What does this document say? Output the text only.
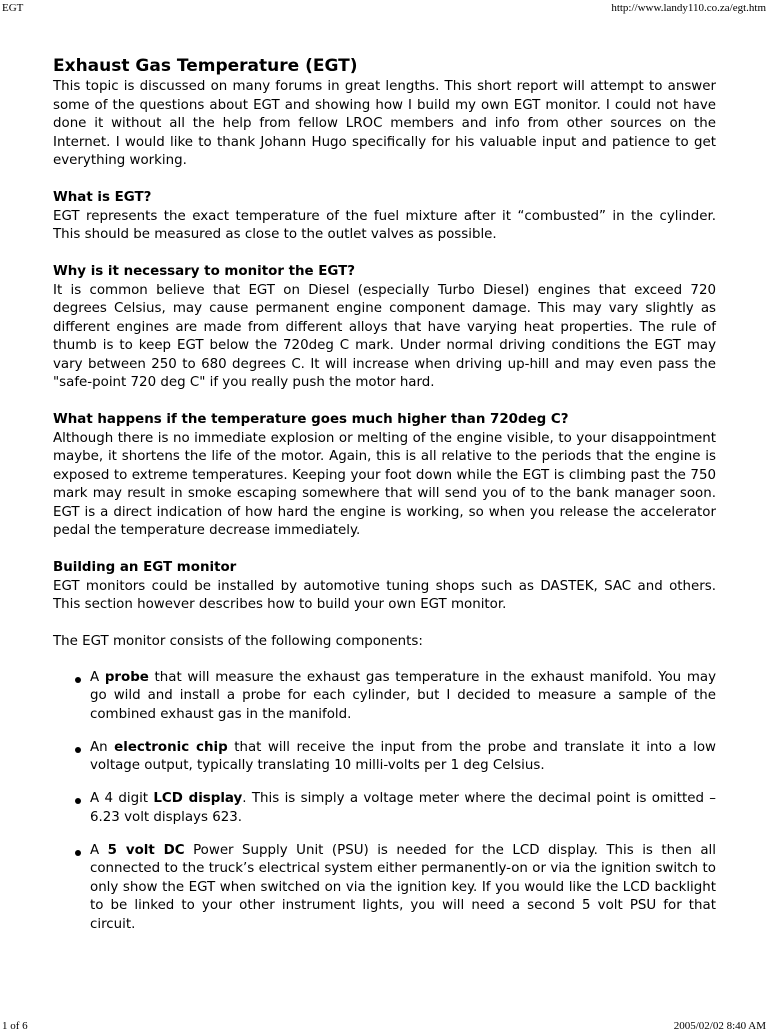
EGT	http://www.landy110.co.za/egt.htm
Exhaust Gas Temperature (EGT)

This topic is discussed on many forums in great lengths. This short report will attempt to answer some of the questions about EGT and showing how I build my own EGT monitor. I could not have done it without all the help from fellow LROC members and info from other sources on the Internet. I would like to thank Johann Hugo specifically for his valuable input and patience to get everything working.

What is EGT?

EGT represents the exact temperature of the fuel mixture after it “combusted” in the cylinder. This should be measured as close to the outlet valves as possible.

Why is it necessary to monitor the EGT?

It is common believe that EGT on Diesel (especially Turbo Diesel) engines that exceed 720 degrees Celsius, may cause permanent engine component damage. This may vary slightly as different engines are made from different alloys that have varying heat properties. The rule of thumb is to keep EGT below the 720deg C mark. Under normal driving conditions the EGT may vary between 250 to 680 degrees C. It will increase when driving up-hill and may even pass the "safe-point 720 deg C" if you really push the motor hard.

What happens if the temperature goes much higher than 720deg C?

Although there is no immediate explosion or melting of the engine visible, to your disappointment maybe, it shortens the life of the motor. Again, this is all relative to the periods that the engine is exposed to extreme temperatures. Keeping your foot down while the EGT is climbing past the 750 mark may result in smoke escaping somewhere that will send you of to the bank manager soon. EGT is a direct indication of how hard the engine is working, so when you release the accelerator pedal the temperature decrease immediately.

Building an EGT monitor

EGT monitors could be installed by automotive tuning shops such as DASTEK, SAC and others. This section however describes how to build your own EGT monitor.

The EGT monitor consists of the following components:

A probe that will measure the exhaust gas temperature in the exhaust manifold. You may go wild and install a probe for each cylinder, but I decided to measure a sample of the combined exhaust gas in the manifold.
An electronic chip that will receive the input from the probe and translate it into a low voltage output, typically translating 10 milli-volts per 1 deg Celsius.
A 4 digit LCD display. This is simply a voltage meter where the decimal point is omitted – 6.23 volt displays 623.
A 5 volt DC Power Supply Unit (PSU) is needed for the LCD display. This is then all connected to the truck’s electrical system either permanently-on or via the ignition switch to only show the EGT when switched on via the ignition key. If you would like the LCD backlight to be linked to your other instrument lights, you will need a second 5 volt PSU for that circuit.
1 of 6	2005/02/02 8:40 AM
